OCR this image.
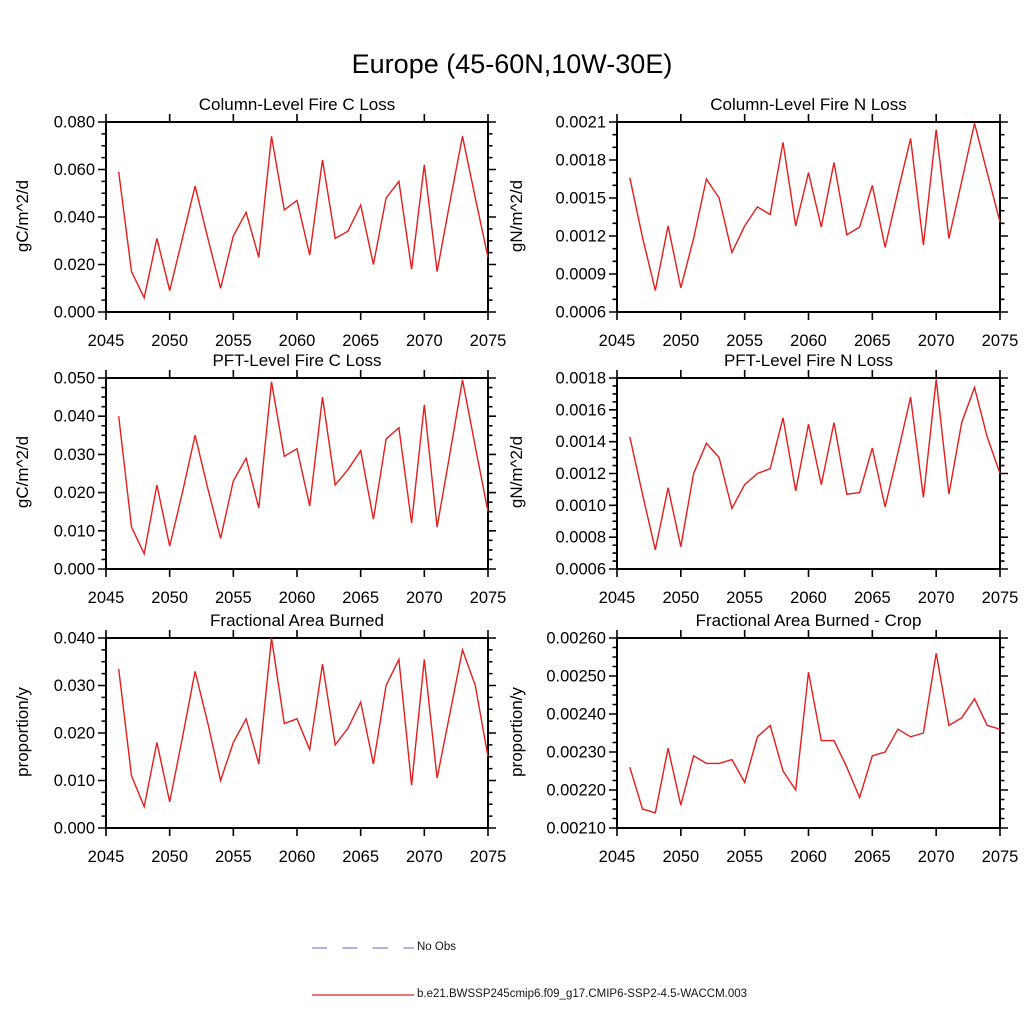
Europe (45-60N,10W-30E)
Column-Level Fire C Loss
gC/m^2/d
2045 2050 2055 2060 2065 2070 2075
0.000
0.020
0.040
0.060
0.080
Column-Level Fire N Loss
gN/m^2/d
2045 2050 2055 2060 2065 2070 2075
0.0006
0.0009
0.0012
0.0015
0.0018
0.0021
PFT-Level Fire C Loss
gC/m^2/d
2045 2050 2055 2060 2065 2070 2075
0.000
0.010
0.020
0.030
0.040
0.050
PFT-Level Fire N Loss
gN/m^2/d
2045 2050 2055 2060 2065 2070 2075
0.0006
0.0008
0.0010
0.0012
0.0014
0.0016
0.0018
Fractional Area Burned
proportion/y
2045 2050 2055 2060 2065 2070 2075
0.000
0.010
0.020
0.030
0.040
Fractional Area Burned - Crop
proportion/y
2045 2050 2055 2060 2065 2070 2075
0.00210
0.00220
0.00230
0.00240
0.00250
0.00260
No Obs
b.e21.BWSSP245cmip6.f09_g17.CMIP6-SSP2-4.5-WACCM.003
